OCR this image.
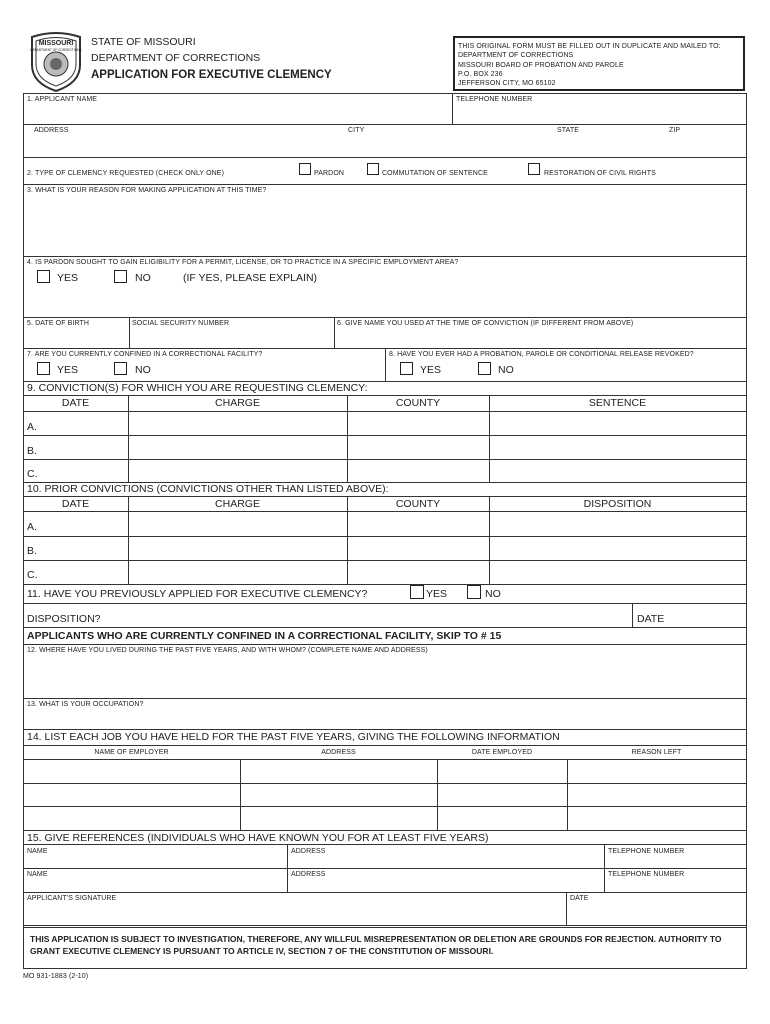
MISSOURI
DEPARTMENT OF CORRECTIONS
STATE OF MISSOURI
DEPARTMENT OF CORRECTIONS
APPLICATION FOR EXECUTIVE CLEMENCY
THIS ORIGINAL FORM MUST BE FILLED OUT IN DUPLICATE AND MAILED TO:
DEPARTMENT OF CORRECTIONS
MISSOURI BOARD OF PROBATION AND PAROLE
P.O. BOX 236
JEFFERSON CITY, MO 65102
1. APPLICANT NAME	TELEPHONE NUMBER
ADDRESS	CITY	STATE	ZIP
2. TYPE OF CLEMENCY REQUESTED (CHECK ONLY ONE)	PARDON	COMMUTATION OF SENTENCE	RESTORATION OF CIVIL RIGHTS
3. WHAT IS YOUR REASON FOR MAKING APPLICATION AT THIS TIME?
4. IS PARDON SOUGHT TO GAIN ELIGIBILITY FOR A PERMIT, LICENSE, OR TO PRACTICE IN A SPECIFIC EMPLOYMENT AREA?
YES	NO	(IF YES, PLEASE EXPLAIN)
5. DATE OF BIRTH	SOCIAL SECURITY NUMBER	6. GIVE NAME YOU USED AT THE TIME OF CONVICTION (IF DIFFERENT FROM ABOVE)
7. ARE YOU CURRENTLY CONFINED IN A CORRECTIONAL FACILITY?	8. HAVE YOU EVER HAD A PROBATION, PAROLE OR CONDITIONAL RELEASE REVOKED?
YES	NO	YES	NO
9. CONVICTION(S) FOR WHICH YOU ARE REQUESTING CLEMENCY:
DATE	CHARGE	COUNTY	SENTENCE
A.
B.
C.
10. PRIOR CONVICTIONS (CONVICTIONS OTHER THAN LISTED ABOVE):
DATE	CHARGE	COUNTY	DISPOSITION
A.
B.
C.
11. HAVE YOU PREVIOUSLY APPLIED FOR EXECUTIVE CLEMENCY?	YES	NO
DISPOSITION?	DATE
APPLICANTS WHO ARE CURRENTLY CONFINED IN A CORRECTIONAL FACILITY, SKIP TO # 15
12. WHERE HAVE YOU LIVED DURING THE PAST FIVE YEARS, AND WITH WHOM? (COMPLETE NAME AND ADDRESS)
13. WHAT IS YOUR OCCUPATION?
14. LIST EACH JOB YOU HAVE HELD FOR THE PAST FIVE YEARS, GIVING THE FOLLOWING INFORMATION
NAME OF EMPLOYER	ADDRESS	DATE EMPLOYED	REASON LEFT
15. GIVE REFERENCES (INDIVIDUALS WHO HAVE KNOWN YOU FOR AT LEAST FIVE YEARS)
NAME	ADDRESS	TELEPHONE NUMBER
NAME	ADDRESS	TELEPHONE NUMBER
APPLICANT'S SIGNATURE	DATE
THIS APPLICATION IS SUBJECT TO INVESTIGATION, THEREFORE, ANY WILLFUL MISREPRESENTATION OR DELETION ARE GROUNDS FOR REJECTION. AUTHORITY TO GRANT EXECUTIVE CLEMENCY IS PURSUANT TO ARTICLE IV, SECTION 7 OF THE CONSTITUTION OF MISSOURI.
MO 931-1883 (2-10)
